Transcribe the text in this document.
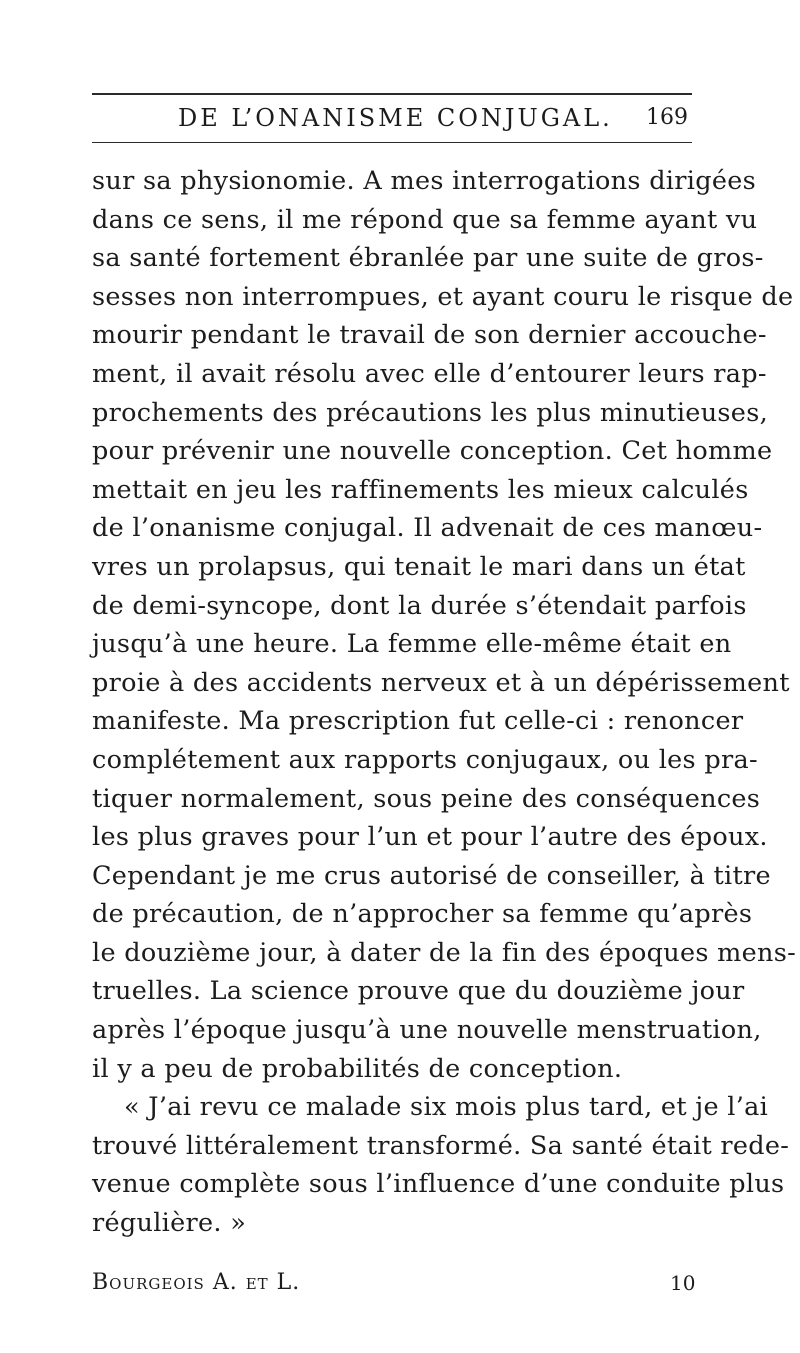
DE L’ONANISME CONJUGAL. 169
sur sa physionomie. A mes interrogations dirigées
dans ce sens, il me répond que sa femme ayant vu
sa santé fortement ébranlée par une suite de gros-
sesses non interrompues, et ayant couru le risque de
mourir pendant le travail de son dernier accouche-
ment, il avait résolu avec elle d’entourer leurs rap-
prochements des précautions les plus minutieuses,
pour prévenir une nouvelle conception. Cet homme
mettait en jeu les raffinements les mieux calculés
de l’onanisme conjugal. Il advenait de ces manœu-
vres un prolapsus, qui tenait le mari dans un état
de demi-syncope, dont la durée s’étendait parfois
jusqu’à une heure. La femme elle-même était en
proie à des accidents nerveux et à un dépérissement
manifeste. Ma prescription fut celle-ci : renoncer
complétement aux rapports conjugaux, ou les pra-
tiquer normalement, sous peine des conséquences
les plus graves pour l’un et pour l’autre des époux.
Cependant je me crus autorisé de conseiller, à titre
de précaution, de n’approcher sa femme qu’après
le douzième jour, à dater de la fin des époques mens-
truelles. La science prouve que du douzième jour
après l’époque jusqu’à une nouvelle menstruation,
il y a peu de probabilités de conception.
« J’ai revu ce malade six mois plus tard, et je l’ai
trouvé littéralement transformé. Sa santé était rede-
venue complète sous l’influence d’une conduite plus
régulière. »
Bourgeois A. et L.	10
